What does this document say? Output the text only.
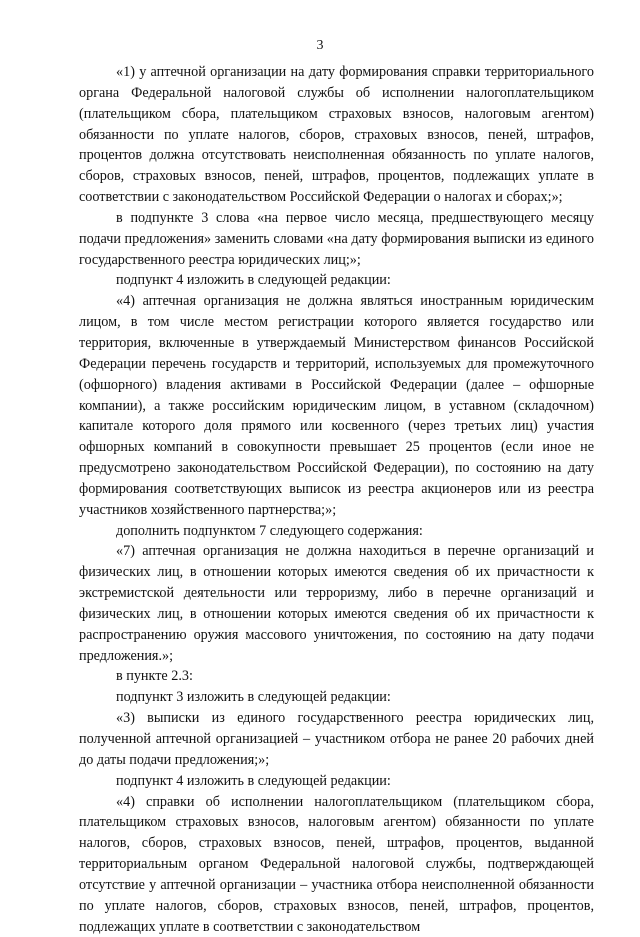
3

«1) у аптечной организации на дату формирования справки территориального органа Федеральной налоговой службы об исполнении налогоплательщиком (плательщиком сбора, плательщиком страховых взносов, налоговым агентом) обязанности по уплате налогов, сборов, страховых взносов, пеней, штрафов, процентов должна отсутствовать неисполненная обязанность по уплате налогов, сборов, страховых взносов, пеней, штрафов, процентов, подлежащих уплате в соответствии с законодательством Российской Федерации о налогах и сборах;»;

в подпункте 3 слова «на первое число месяца, предшествующего месяцу подачи предложения» заменить словами «на дату формирования выписки из единого государственного реестра юридических лиц;»;

подпункт 4 изложить в следующей редакции:

«4) аптечная организация не должна являться иностранным юридическим лицом, в том числе местом регистрации которого является государство или территория, включенные в утверждаемый Министерством финансов Российской Федерации перечень государств и территорий, используемых для промежуточного (офшорного) владения активами в Российской Федерации (далее – офшорные компании), а также российским юридическим лицом, в уставном (складочном) капитале которого доля прямого или косвенного (через третьих лиц) участия офшорных компаний в совокупности превышает 25 процентов (если иное не предусмотрено законодательством Российской Федерации), по состоянию на дату формирования соответствующих выписок из реестра акционеров или из реестра участников хозяйственного партнерства;»;

дополнить подпунктом 7 следующего содержания:

«7) аптечная организация не должна находиться в перечне организаций и физических лиц, в отношении которых имеются сведения об их причастности к экстремистской деятельности или терроризму, либо в перечне организаций и физических лиц, в отношении которых имеются сведения об их причастности к распространению оружия массового уничтожения, по состоянию на дату подачи предложения.»;

в пункте 2.3:

подпункт 3 изложить в следующей редакции:

«3) выписки из единого государственного реестра юридических лиц, полученной аптечной организацией – участником отбора не ранее 20 рабочих дней до даты подачи предложения;»;

подпункт 4 изложить в следующей редакции:

«4) справки об исполнении налогоплательщиком (плательщиком сбора, плательщиком страховых взносов, налоговым агентом) обязанности по уплате налогов, сборов, страховых взносов, пеней, штрафов, процентов, выданной территориальным органом Федеральной налоговой службы, подтверждающей отсутствие у аптечной организации – участника отбора неисполненной обязанности по уплате налогов, сборов, страховых взносов, пеней, штрафов, процентов, подлежащих уплате в соответствии с законодательством
